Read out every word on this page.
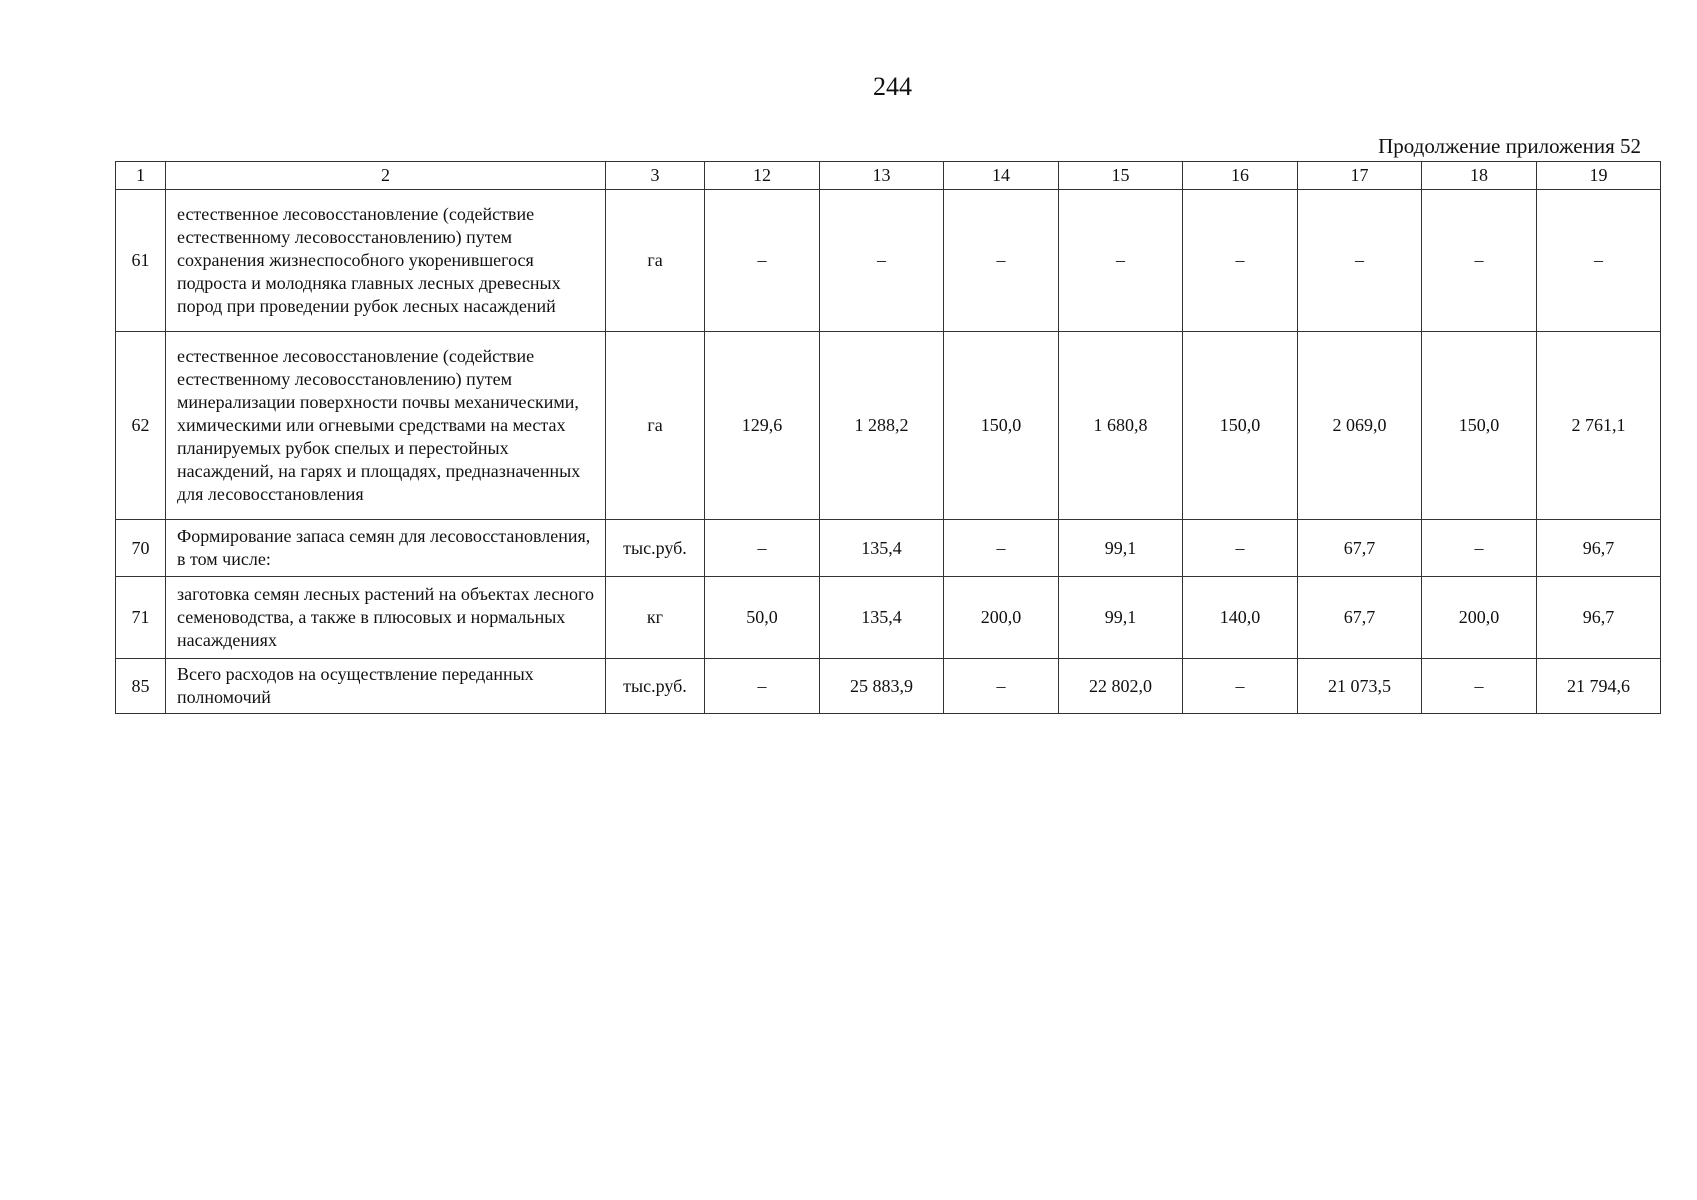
244
Продолжение приложения 52
1	2	3	12	13	14	15	16	17	18	19
61	естественное лесовосстановление (содействие естественному лесовосстановлению) путем сохранения жизнеспособного укоренившегося подроста и молодняка главных лесных древесных пород при проведении рубок лесных насаждений	га	–	–	–	–	–	–	–	–
62	естественное лесовосстановление (содействие естественному лесовосстановлению) путем минерализации поверхности почвы механическими, химическими или огневыми средствами на местах планируемых рубок спелых и перестойных насаждений, на гарях и площадях, предназначенных для лесовосстановления	га	129,6	1 288,2	150,0	1 680,8	150,0	2 069,0	150,0	2 761,1
70	Формирование запаса семян для лесовосстановления, в том числе:	тыс.руб.	–	135,4	–	99,1	–	67,7	–	96,7
71	заготовка семян лесных растений на объектах лесного семеноводства, а также в плюсовых и нормальных насаждениях	кг	50,0	135,4	200,0	99,1	140,0	67,7	200,0	96,7
85	Всего расходов на осуществление переданных полномочий	тыс.руб.	–	25 883,9	–	22 802,0	–	21 073,5	–	21 794,6
